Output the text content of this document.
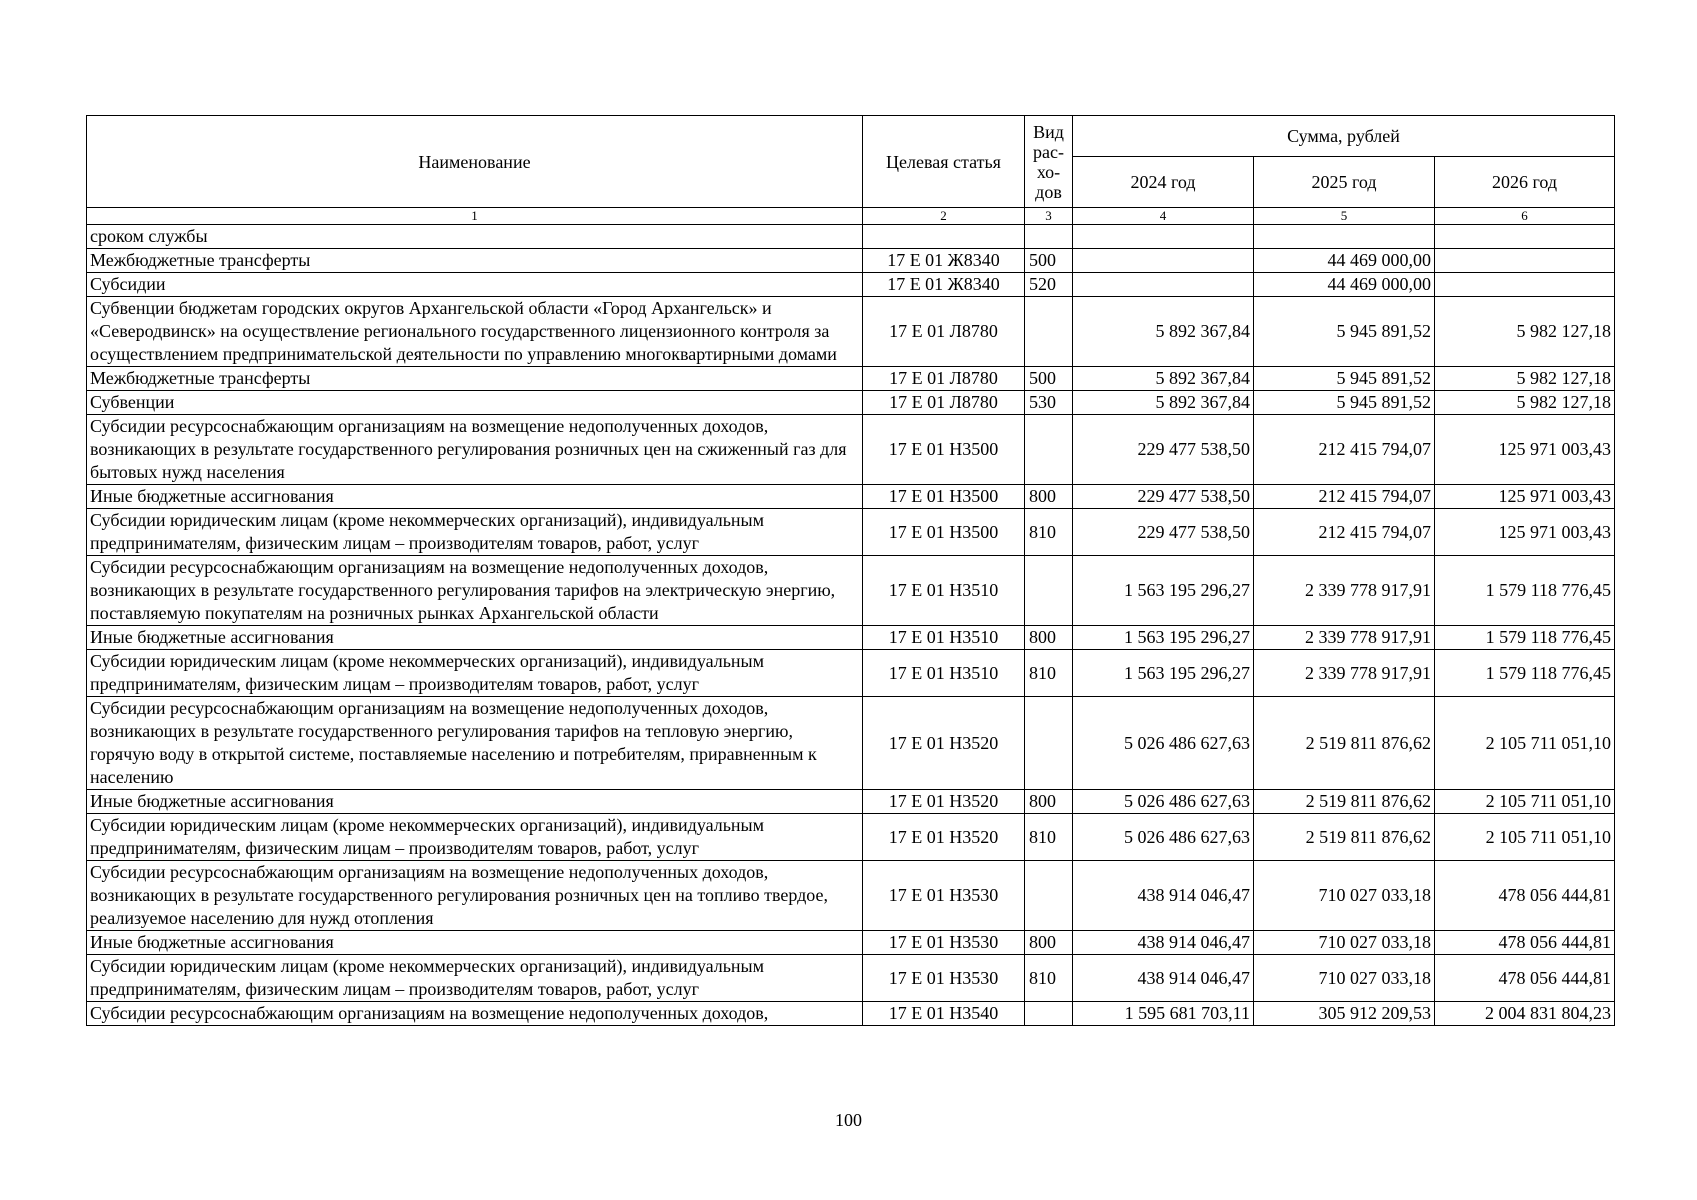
Наименование	Целевая статья	Вид
рас-
хо-
дов	Сумма, рублей		
			2024 год	2025 год	2026 год
1	2	3	4	5	6
сроком службы					
Межбюджетные трансферты	17 Е 01 Ж8340	500		44 469 000,00	
Субсидии	17 Е 01 Ж8340	520		44 469 000,00	
Субвенции бюджетам городских округов Архангельской области «Город Архангельск» и «Северодвинск» на осуществление регионального государственного лицензионного контроля за осуществлением предпринимательской деятельности по управлению многоквартирными домами	17 Е 01 Л8780		5 892 367,84	5 945 891,52	5 982 127,18
Межбюджетные трансферты	17 Е 01 Л8780	500	5 892 367,84	5 945 891,52	5 982 127,18
Субвенции	17 Е 01 Л8780	530	5 892 367,84	5 945 891,52	5 982 127,18
Субсидии ресурсоснабжающим организациям на возмещение недополученных доходов, возникающих в результате государственного регулирования розничных цен на сжиженный газ для бытовых нужд населения	17 Е 01 Н3500		229 477 538,50	212 415 794,07	125 971 003,43
Иные бюджетные ассигнования	17 Е 01 Н3500	800	229 477 538,50	212 415 794,07	125 971 003,43
Субсидии юридическим лицам (кроме некоммерческих организаций), индивидуальным предпринимателям, физическим лицам – производителям товаров, работ, услуг	17 Е 01 Н3500	810	229 477 538,50	212 415 794,07	125 971 003,43
Субсидии ресурсоснабжающим организациям на возмещение недополученных доходов, возникающих в результате государственного регулирования тарифов на электрическую энергию, поставляемую покупателям на розничных рынках Архангельской области	17 Е 01 Н3510		1 563 195 296,27	2 339 778 917,91	1 579 118 776,45
Иные бюджетные ассигнования	17 Е 01 Н3510	800	1 563 195 296,27	2 339 778 917,91	1 579 118 776,45
Субсидии юридическим лицам (кроме некоммерческих организаций), индивидуальным предпринимателям, физическим лицам – производителям товаров, работ, услуг	17 Е 01 Н3510	810	1 563 195 296,27	2 339 778 917,91	1 579 118 776,45
Субсидии ресурсоснабжающим организациям на возмещение недополученных доходов, возникающих в результате государственного регулирования тарифов на тепловую энергию, горячую воду в открытой системе, поставляемые населению и потребителям, приравненным к населению	17 Е 01 Н3520		5 026 486 627,63	2 519 811 876,62	2 105 711 051,10
Иные бюджетные ассигнования	17 Е 01 Н3520	800	5 026 486 627,63	2 519 811 876,62	2 105 711 051,10
Субсидии юридическим лицам (кроме некоммерческих организаций), индивидуальным предпринимателям, физическим лицам – производителям товаров, работ, услуг	17 Е 01 Н3520	810	5 026 486 627,63	2 519 811 876,62	2 105 711 051,10
Субсидии ресурсоснабжающим организациям на возмещение недополученных доходов, возникающих в результате государственного регулирования розничных цен на топливо твердое, реализуемое населению для нужд отопления	17 Е 01 Н3530		438 914 046,47	710 027 033,18	478 056 444,81
Иные бюджетные ассигнования	17 Е 01 Н3530	800	438 914 046,47	710 027 033,18	478 056 444,81
Субсидии юридическим лицам (кроме некоммерческих организаций), индивидуальным предпринимателям, физическим лицам – производителям товаров, работ, услуг	17 Е 01 Н3530	810	438 914 046,47	710 027 033,18	478 056 444,81
Субсидии ресурсоснабжающим организациям на возмещение недополученных доходов,	17 Е 01 Н3540		1 595 681 703,11	305 912 209,53	2 004 831 804,23
100
